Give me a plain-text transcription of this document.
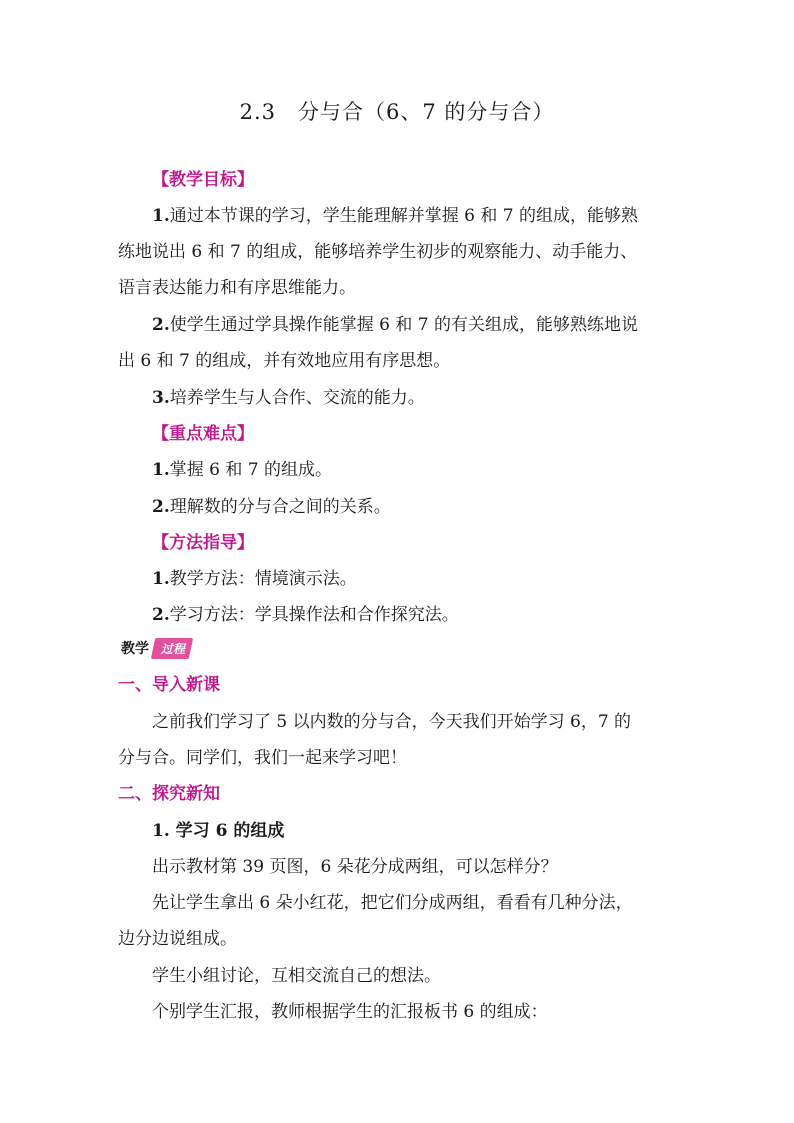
2.3 分与合（6、7 的分与合）
【教学目标】
1.通过本节课的学习，学生能理解并掌握 6 和 7 的组成，能够熟
练地说出 6 和 7 的组成，能够培养学生初步的观察能力、动手能力、
语言表达能力和有序思维能力。
2.使学生通过学具操作能掌握 6 和 7 的有关组成，能够熟练地说
出 6 和 7 的组成，并有效地应用有序思想。
3.培养学生与人合作、交流的能力。
【重点难点】
1.掌握 6 和 7 的组成。
2.理解数的分与合之间的关系。
【方法指导】
1.教学方法：情境演示法。
2.学习方法：学具操作法和合作探究法。
教学	过程
一、导入新课
之前我们学习了 5 以内数的分与合，今天我们开始学习 6，7 的
分与合。同学们，我们一起来学习吧！
二、探究新知
1. 学习 6 的组成
出示教材第 39 页图，6 朵花分成两组，可以怎样分？
先让学生拿出 6 朵小红花，把它们分成两组，看看有几种分法，
边分边说组成。
学生小组讨论，互相交流自己的想法。
个别学生汇报，教师根据学生的汇报板书 6 的组成：
